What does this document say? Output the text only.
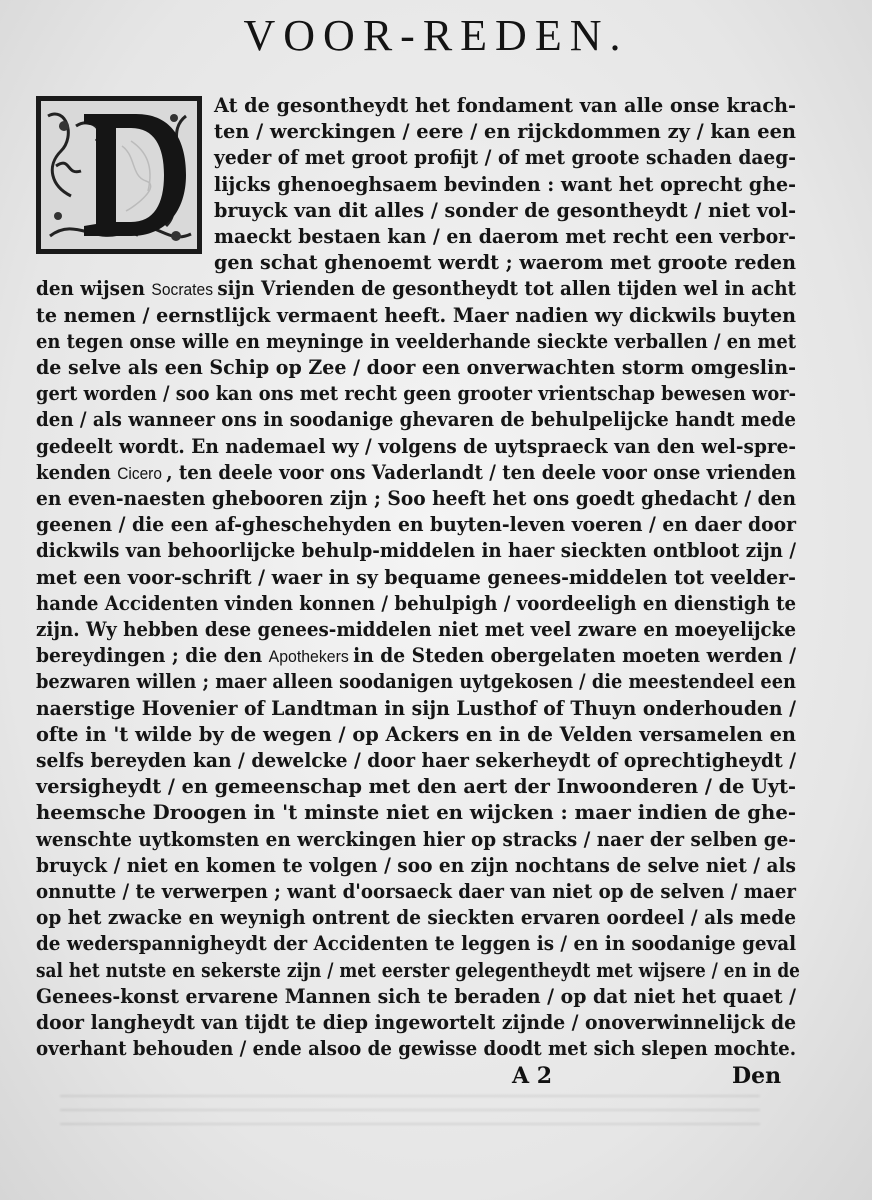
VOOR-REDEN.
At de gesontheydt het fondament van alle onse krach-
ten / werckingen / eere / en rijckdommen zy / kan een
yeder of met groot profijt / of met groote schaden daeg-
lijcks ghenoeghsaem bevinden : want het oprecht ghe-
bruyck van dit alles / sonder de gesontheydt / niet vol-
maeckt bestaen kan / en daerom met recht een verbor-
gen schat ghenoemt werdt ; waerom met groote reden
den wijsen Socrates sijn Vrienden de gesontheydt tot allen tijden wel in acht
te nemen / eernstlijck vermaent heeft. Maer nadien wy dickwils buyten
en tegen onse wille en meyninge in veelderhande sieckte verballen / en met
de selve als een Schip op Zee / door een onverwachten storm omgeslin-
gert worden / soo kan ons met recht geen grooter vrientschap bewesen wor-
den / als wanneer ons in soodanige ghevaren de behulpelijcke handt mede
gedeelt wordt. En nademael wy / volgens de uytspraeck van den wel-spre-
kenden Cicero , ten deele voor ons Vaderlandt / ten deele voor onse vrienden
en even-naesten ghebooren zijn ; Soo heeft het ons goedt ghedacht / den
geenen / die een af-gheschehyden en buyten-leven voeren / en daer door
dickwils van behoorlijcke behulp-middelen in haer sieckten ontbloot zijn /
met een voor-schrift / waer in sy bequame genees-middelen tot veelder-
hande Accidenten vinden konnen / behulpigh / voordeeligh en dienstigh te
zijn. Wy hebben dese genees-middelen niet met veel zware en moeyelijcke
bereydingen ; die den Apothekers in de Steden obergelaten moeten werden /
bezwaren willen ; maer alleen soodanigen uytgekosen / die meestendeel een
naerstige Hovenier of Landtman in sijn Lusthof of Thuyn onderhouden /
ofte in 't wilde by de wegen / op Ackers en in de Velden versamelen en
selfs bereyden kan / dewelcke / door haer sekerheydt of oprechtigheydt /
versigheydt / en gemeenschap met den aert der Inwoonderen / de Uyt-
heemsche Droogen in 't minste niet en wijcken : maer indien de ghe-
wenschte uytkomsten en werckingen hier op stracks / naer der selben ge-
bruyck / niet en komen te volgen / soo en zijn nochtans de selve niet / als
onnutte / te verwerpen ; want d'oorsaeck daer van niet op de selven / maer
op het zwacke en weynigh ontrent de sieckten ervaren oordeel / als mede
de wederspannigheydt der Accidenten te leggen is / en in soodanige geval
sal het nutste en sekerste zijn / met eerster gelegentheydt met wijsere / en in de
Genees-konst ervarene Mannen sich te beraden / op dat niet het quaet /
door langheydt van tijdt te diep ingewortelt zijnde / onoverwinnelijck de
overhant behouden / ende alsoo de gewisse doodt met sich slepen mochte.
A 2	Den
